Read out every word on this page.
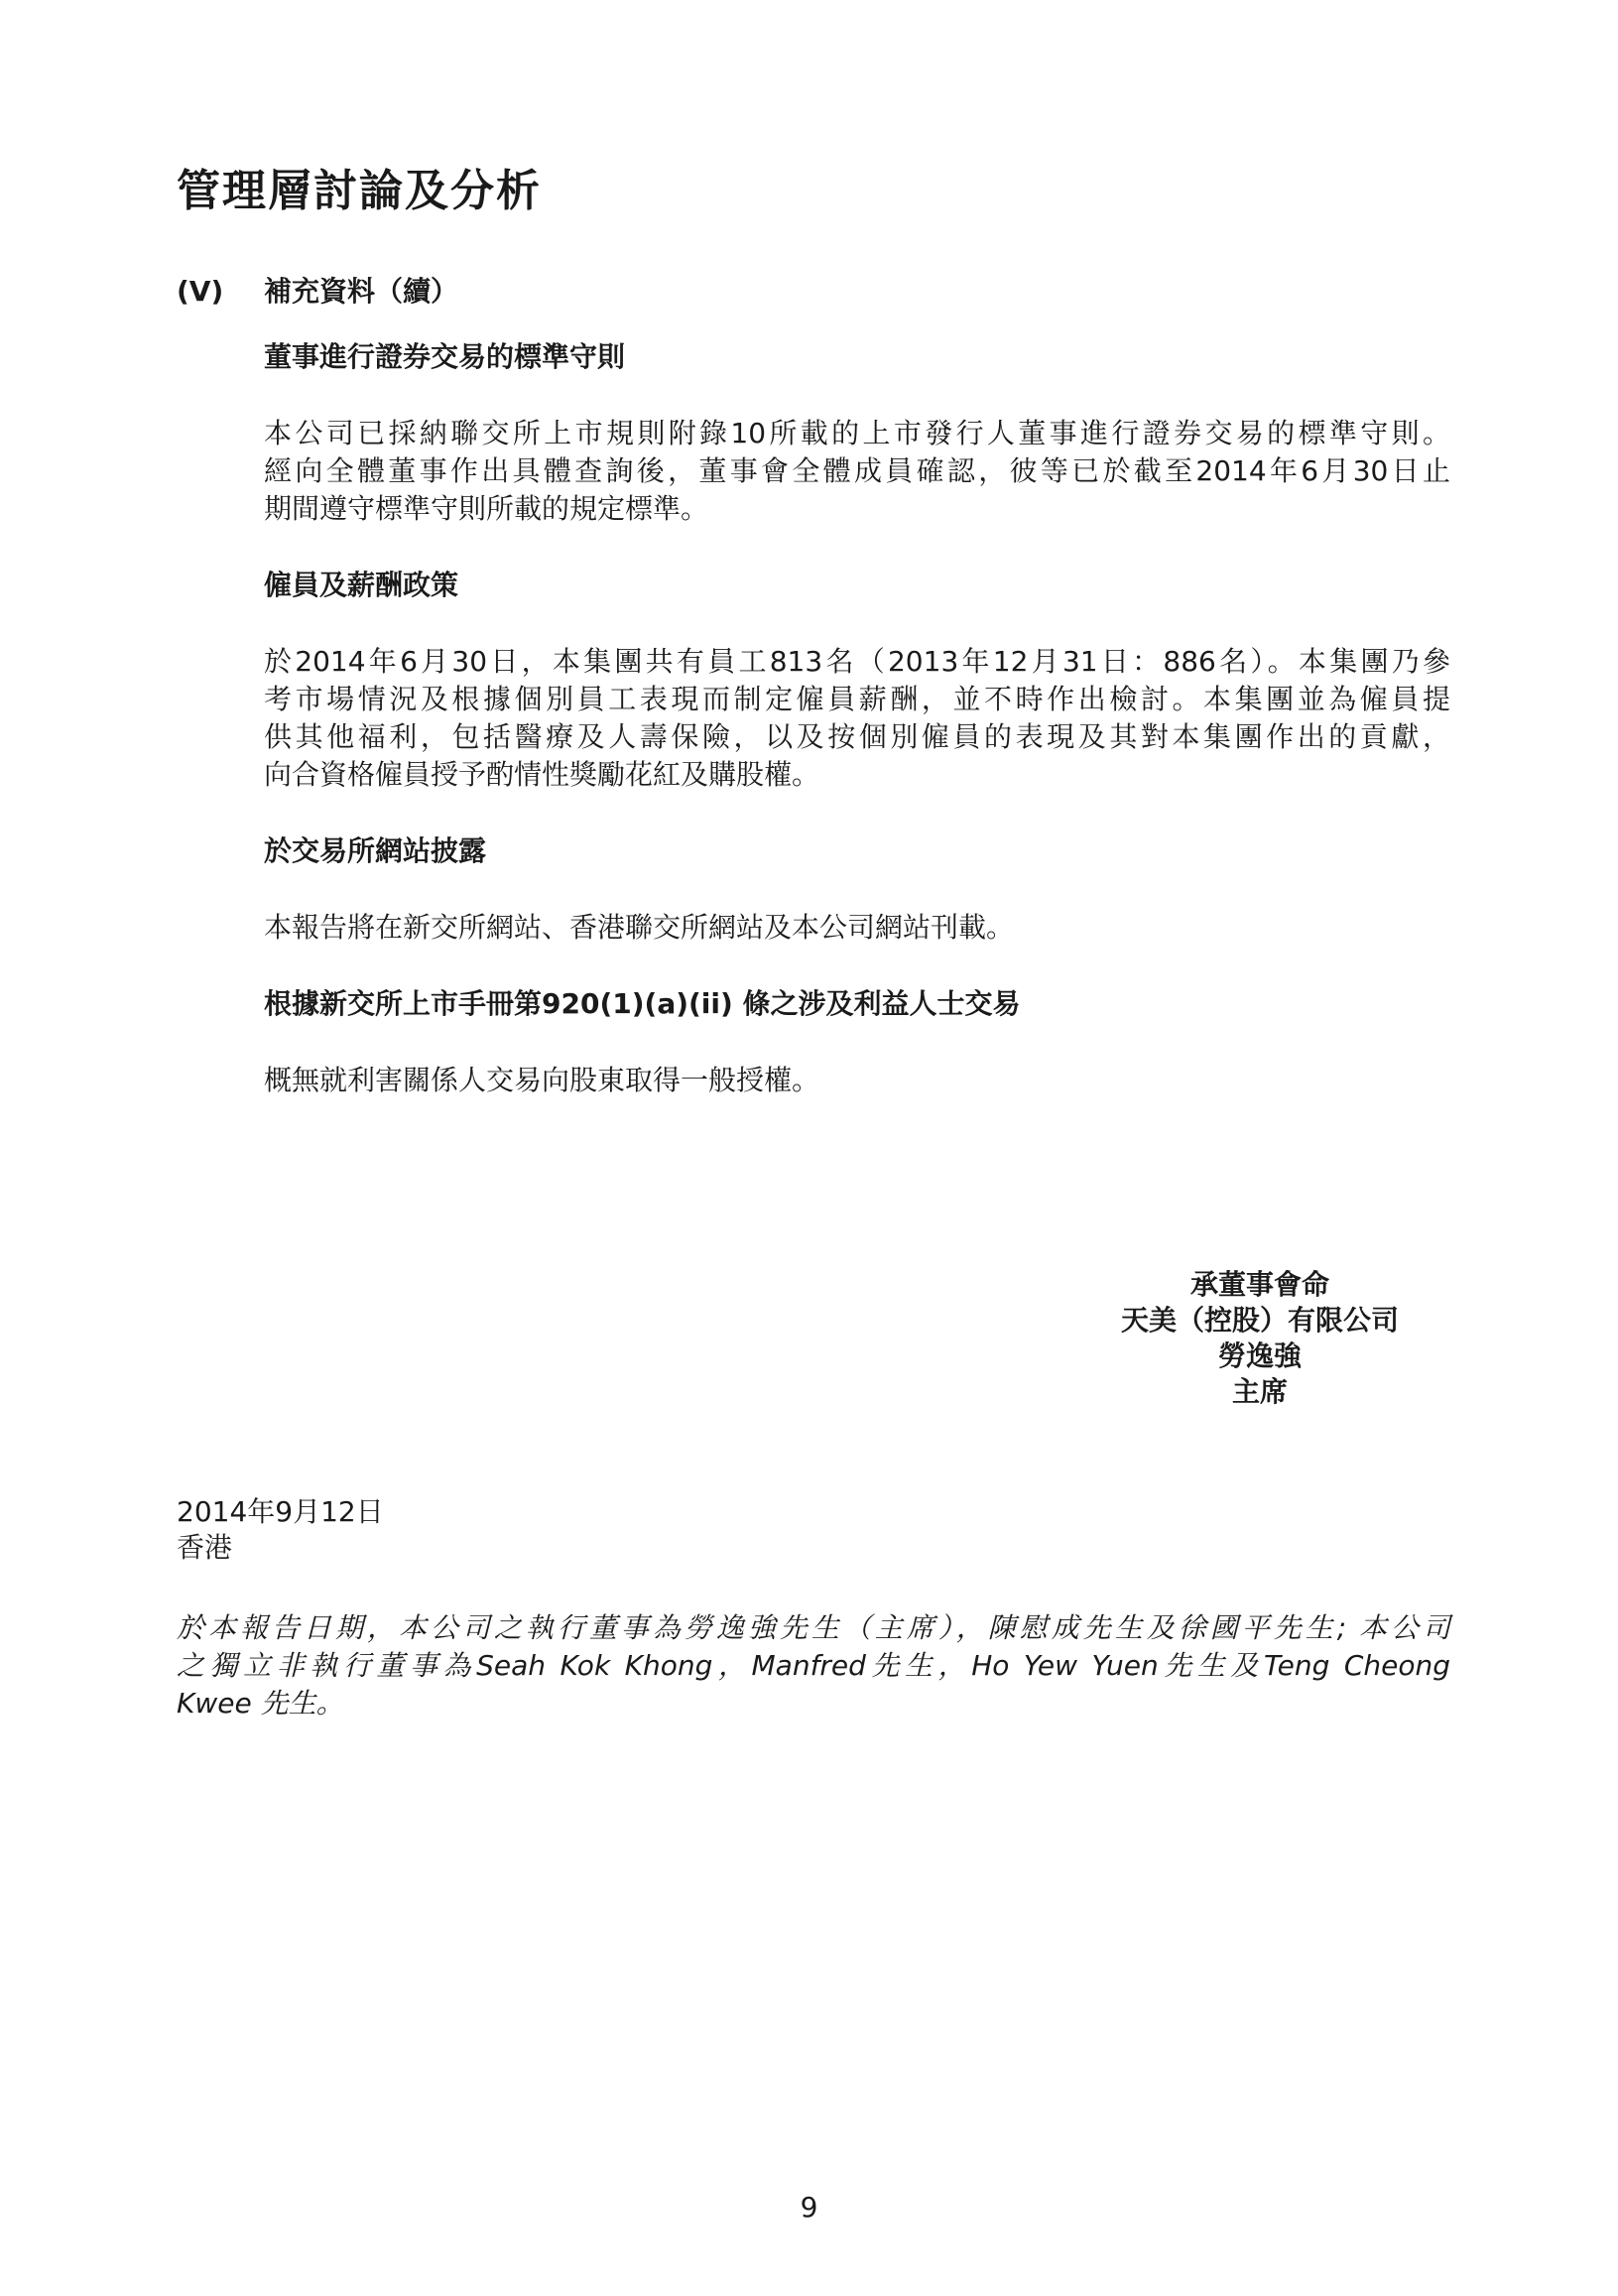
管理層討論及分析
(V) 補充資料（續）
董事進行證券交易的標準守則
本公司已採納聯交所上市規則附錄10所載的上市發行人董事進行證券交易的標準守則。
經向全體董事作出具體查詢後，董事會全體成員確認，彼等已於截至2014年6月30日止
期間遵守標準守則所載的規定標準。
僱員及薪酬政策
於2014年6月30日，本集團共有員工813名（2013年12月31日：886名）。本集團乃參
考市場情況及根據個別員工表現而制定僱員薪酬，並不時作出檢討。本集團並為僱員提
供其他福利，包括醫療及人壽保險，以及按個別僱員的表現及其對本集團作出的貢獻，
向合資格僱員授予酌情性獎勵花紅及購股權。
於交易所網站披露
本報告將在新交所網站、香港聯交所網站及本公司網站刊載。
根據新交所上市手冊第920(1)(a)(ii) 條之涉及利益人士交易
概無就利害關係人交易向股東取得一般授權。
承董事會命
天美（控股）有限公司
勞逸強
主席
2014年9月12日
香港
於本報告日期，本公司之執行董事為勞逸強先生（主席），陳慰成先生及徐國平先生; 本公司
之獨立非執行董事為Seah Kok Khong，Manfred先生，Ho Yew Yuen先生及Teng Cheong
Kwee 先生。
9
